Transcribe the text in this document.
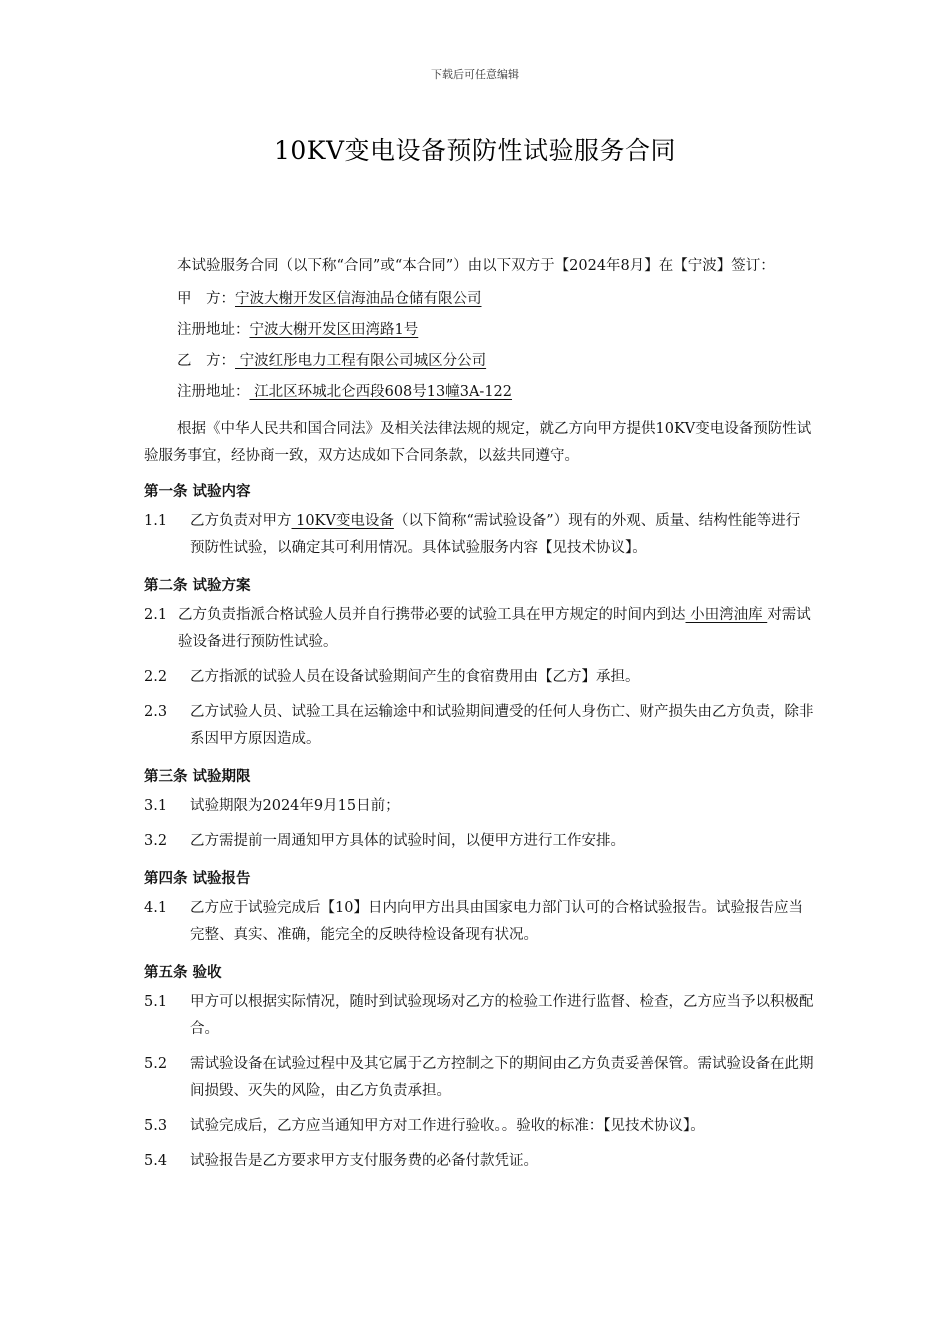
下载后可任意编辑
10KV变电设备预防性试验服务合同

本试验服务合同（以下称“合同”或“本合同”）由以下双方于【2024年8月】在【宁波】签订：

甲　方：宁波大榭开发区信海油品仓储有限公司
注册地址：宁波大榭开发区田湾路1号
乙　方： 宁波红彤电力工程有限公司城区分公司
注册地址： 江北区环城北仑西段608号13幢3A-122

根据《中华人民共和国合同法》及相关法律法规的规定，就乙方向甲方提供10KV变电设备预防性试验服务事宜，经协商一致，双方达成如下合同条款，以兹共同遵守。

第一条 试验内容
1.1	乙方负责对甲方 10KV变电设备（以下简称“需试验设备”）现有的外观、质量、结构性能等进行预防性试验，以确定其可利用情况。具体试验服务内容【见技术协议】。
第二条 试验方案
2.1 乙方负责指派合格试验人员并自行携带必要的试验工具在甲方规定的时间内到达 小田湾油库 对需试验设备进行预防性试验。
2.2	乙方指派的试验人员在设备试验期间产生的食宿费用由【乙方】承担。
2.3	乙方试验人员、试验工具在运输途中和试验期间遭受的任何人身伤亡、财产损失由乙方负责，除非系因甲方原因造成。
第三条 试验期限
3.1	试验期限为2024年9月15日前；
3.2	乙方需提前一周通知甲方具体的试验时间，以便甲方进行工作安排。
第四条 试验报告
4.1	乙方应于试验完成后【10】日内向甲方出具由国家电力部门认可的合格试验报告。试验报告应当完整、真实、准确，能完全的反映待检设备现有状况。
第五条 验收
5.1	甲方可以根据实际情况，随时到试验现场对乙方的检验工作进行监督、检查，乙方应当予以积极配合。
5.2	需试验设备在试验过程中及其它属于乙方控制之下的期间由乙方负责妥善保管。需试验设备在此期间损毁、灭失的风险，由乙方负责承担。
5.3	试验完成后，乙方应当通知甲方对工作进行验收。。验收的标准：【见技术协议】。
5.4	试验报告是乙方要求甲方支付服务费的必备付款凭证。
